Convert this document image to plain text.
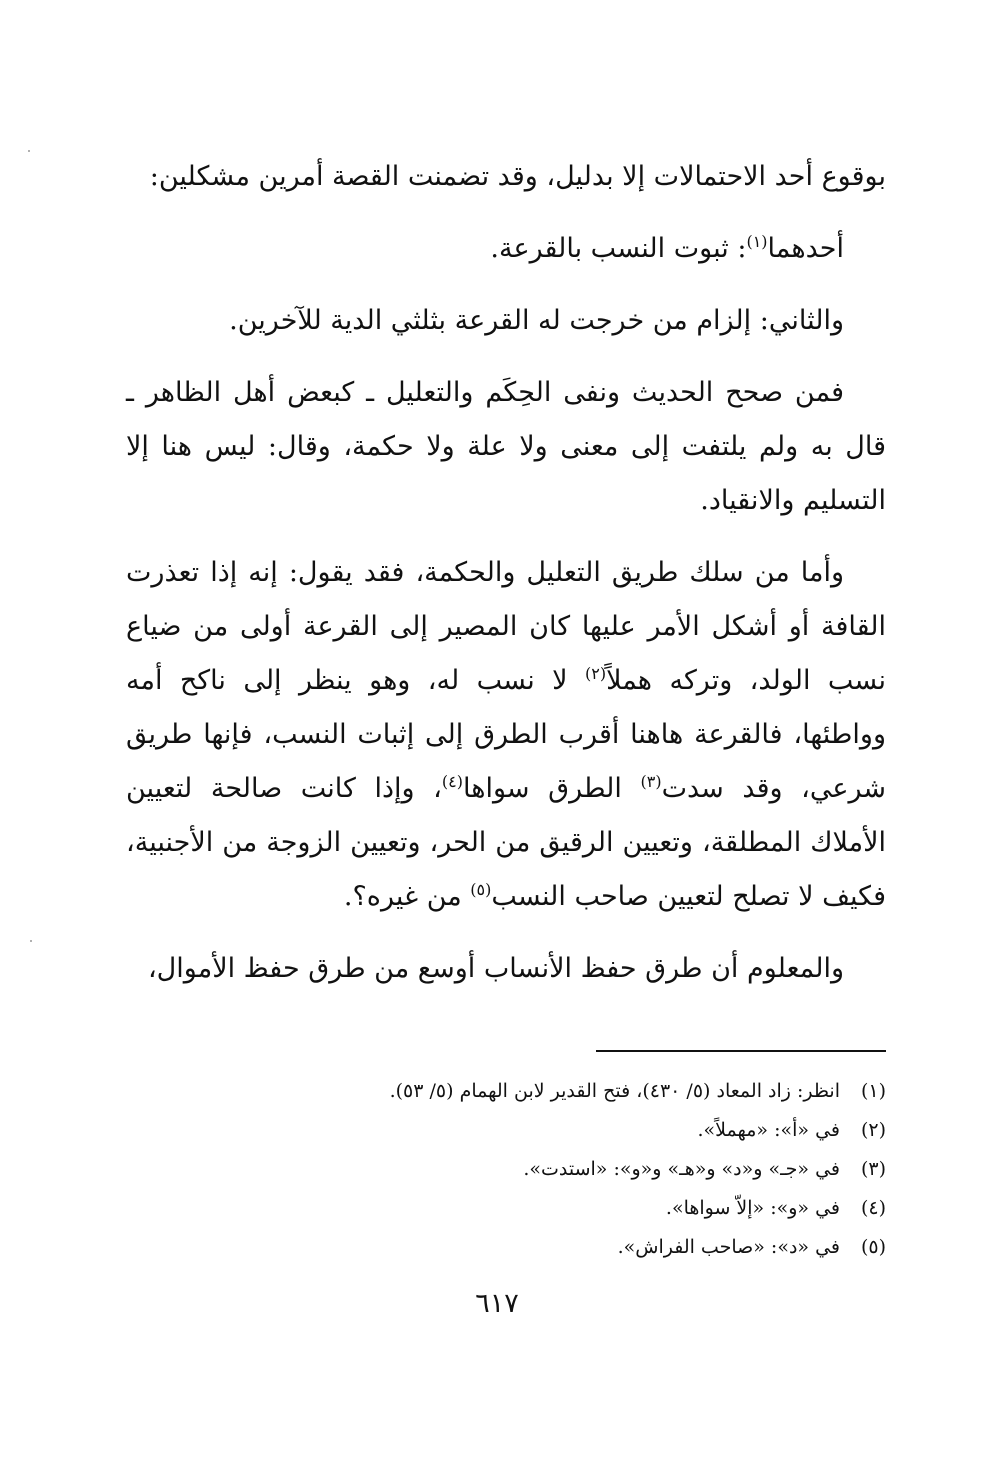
بوقوع أحد الاحتمالات إلا بدليل، وقد تضمنت القصة أمرين مشكلين:

أحدهما$^{(١)}$: ثبوت النسب بالقرعة.

والثاني: إلزام من خرجت له القرعة بثلثي الدية للآخرين.

فمن صحح الحديث ونفى الحِكَم والتعليل ـ كبعض أهل الظاهر ـ قال به ولم يلتفت إلى معنى ولا علة ولا حكمة، وقال: ليس هنا إلا التسليم والانقياد.

وأما من سلك طريق التعليل والحكمة، فقد يقول: إنه إذا تعذرت القافة أو أشكل الأمر عليها كان المصير إلى القرعة أولى من ضياع نسب الولد، وتركه هملاً$^{(٢)}$ لا نسب له، وهو ينظر إلى ناكح أمه وواطئها، فالقرعة هاهنا أقرب الطرق إلى إثبات النسب، فإنها طريق شرعي، وقد سدت$^{(٣)}$ الطرق سواها$^{(٤)}$، وإذا كانت صالحة لتعيين الأملاك المطلقة، وتعيين الرقيق من الحر، وتعيين الزوجة من الأجنبية، فكيف لا تصلح لتعيين صاحب النسب$^{(٥)}$ من غيره؟.

والمعلوم أن طرق حفظ الأنساب أوسع من طرق حفظ الأموال،

(١)
انظر: زاد المعاد (٥/ ٤٣٠)، فتح القدير لابن الهمام (٥/ ٥٣).
(٢)
في «أ»: «مهملاً».
(٣)
في «جـ» و«د» و«هـ» و«و»: «استدت».
(٤)
في «و»: «إلاّ سواها».
(٥)
في «د»: «صاحب الفراش».
٦١٧
